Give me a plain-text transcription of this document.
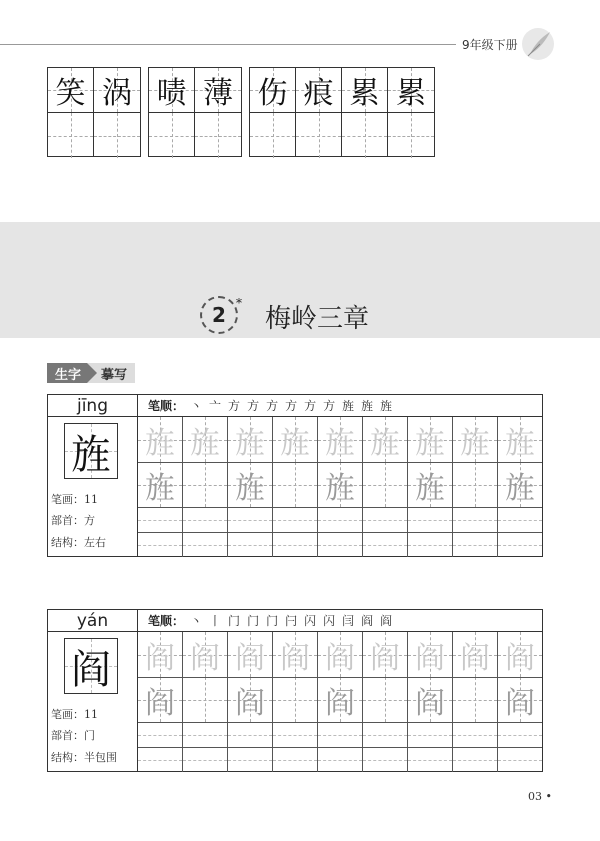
9年级下册
笑 涡 啧 薄 伤 痕 累 累
2 *
梅岭三章
生字	摹写
jīng	笔顺： 丶 亠 方 方 方 方 方 方 旌 旌 旌
旌
笔画：11
部首：方
结构：左右
旌 旌 旌 旌 旌 旌 旌 旌 旌
旌 旌 旌 旌 旌
yán	笔顺： 丶 丨 门 门 门 闩 闪 闪 闫 阎 阎
阎
笔画：11
部首：门
结构：半包围
阎 阎 阎 阎 阎 阎 阎 阎 阎
阎 阎 阎 阎 阎
03 •
